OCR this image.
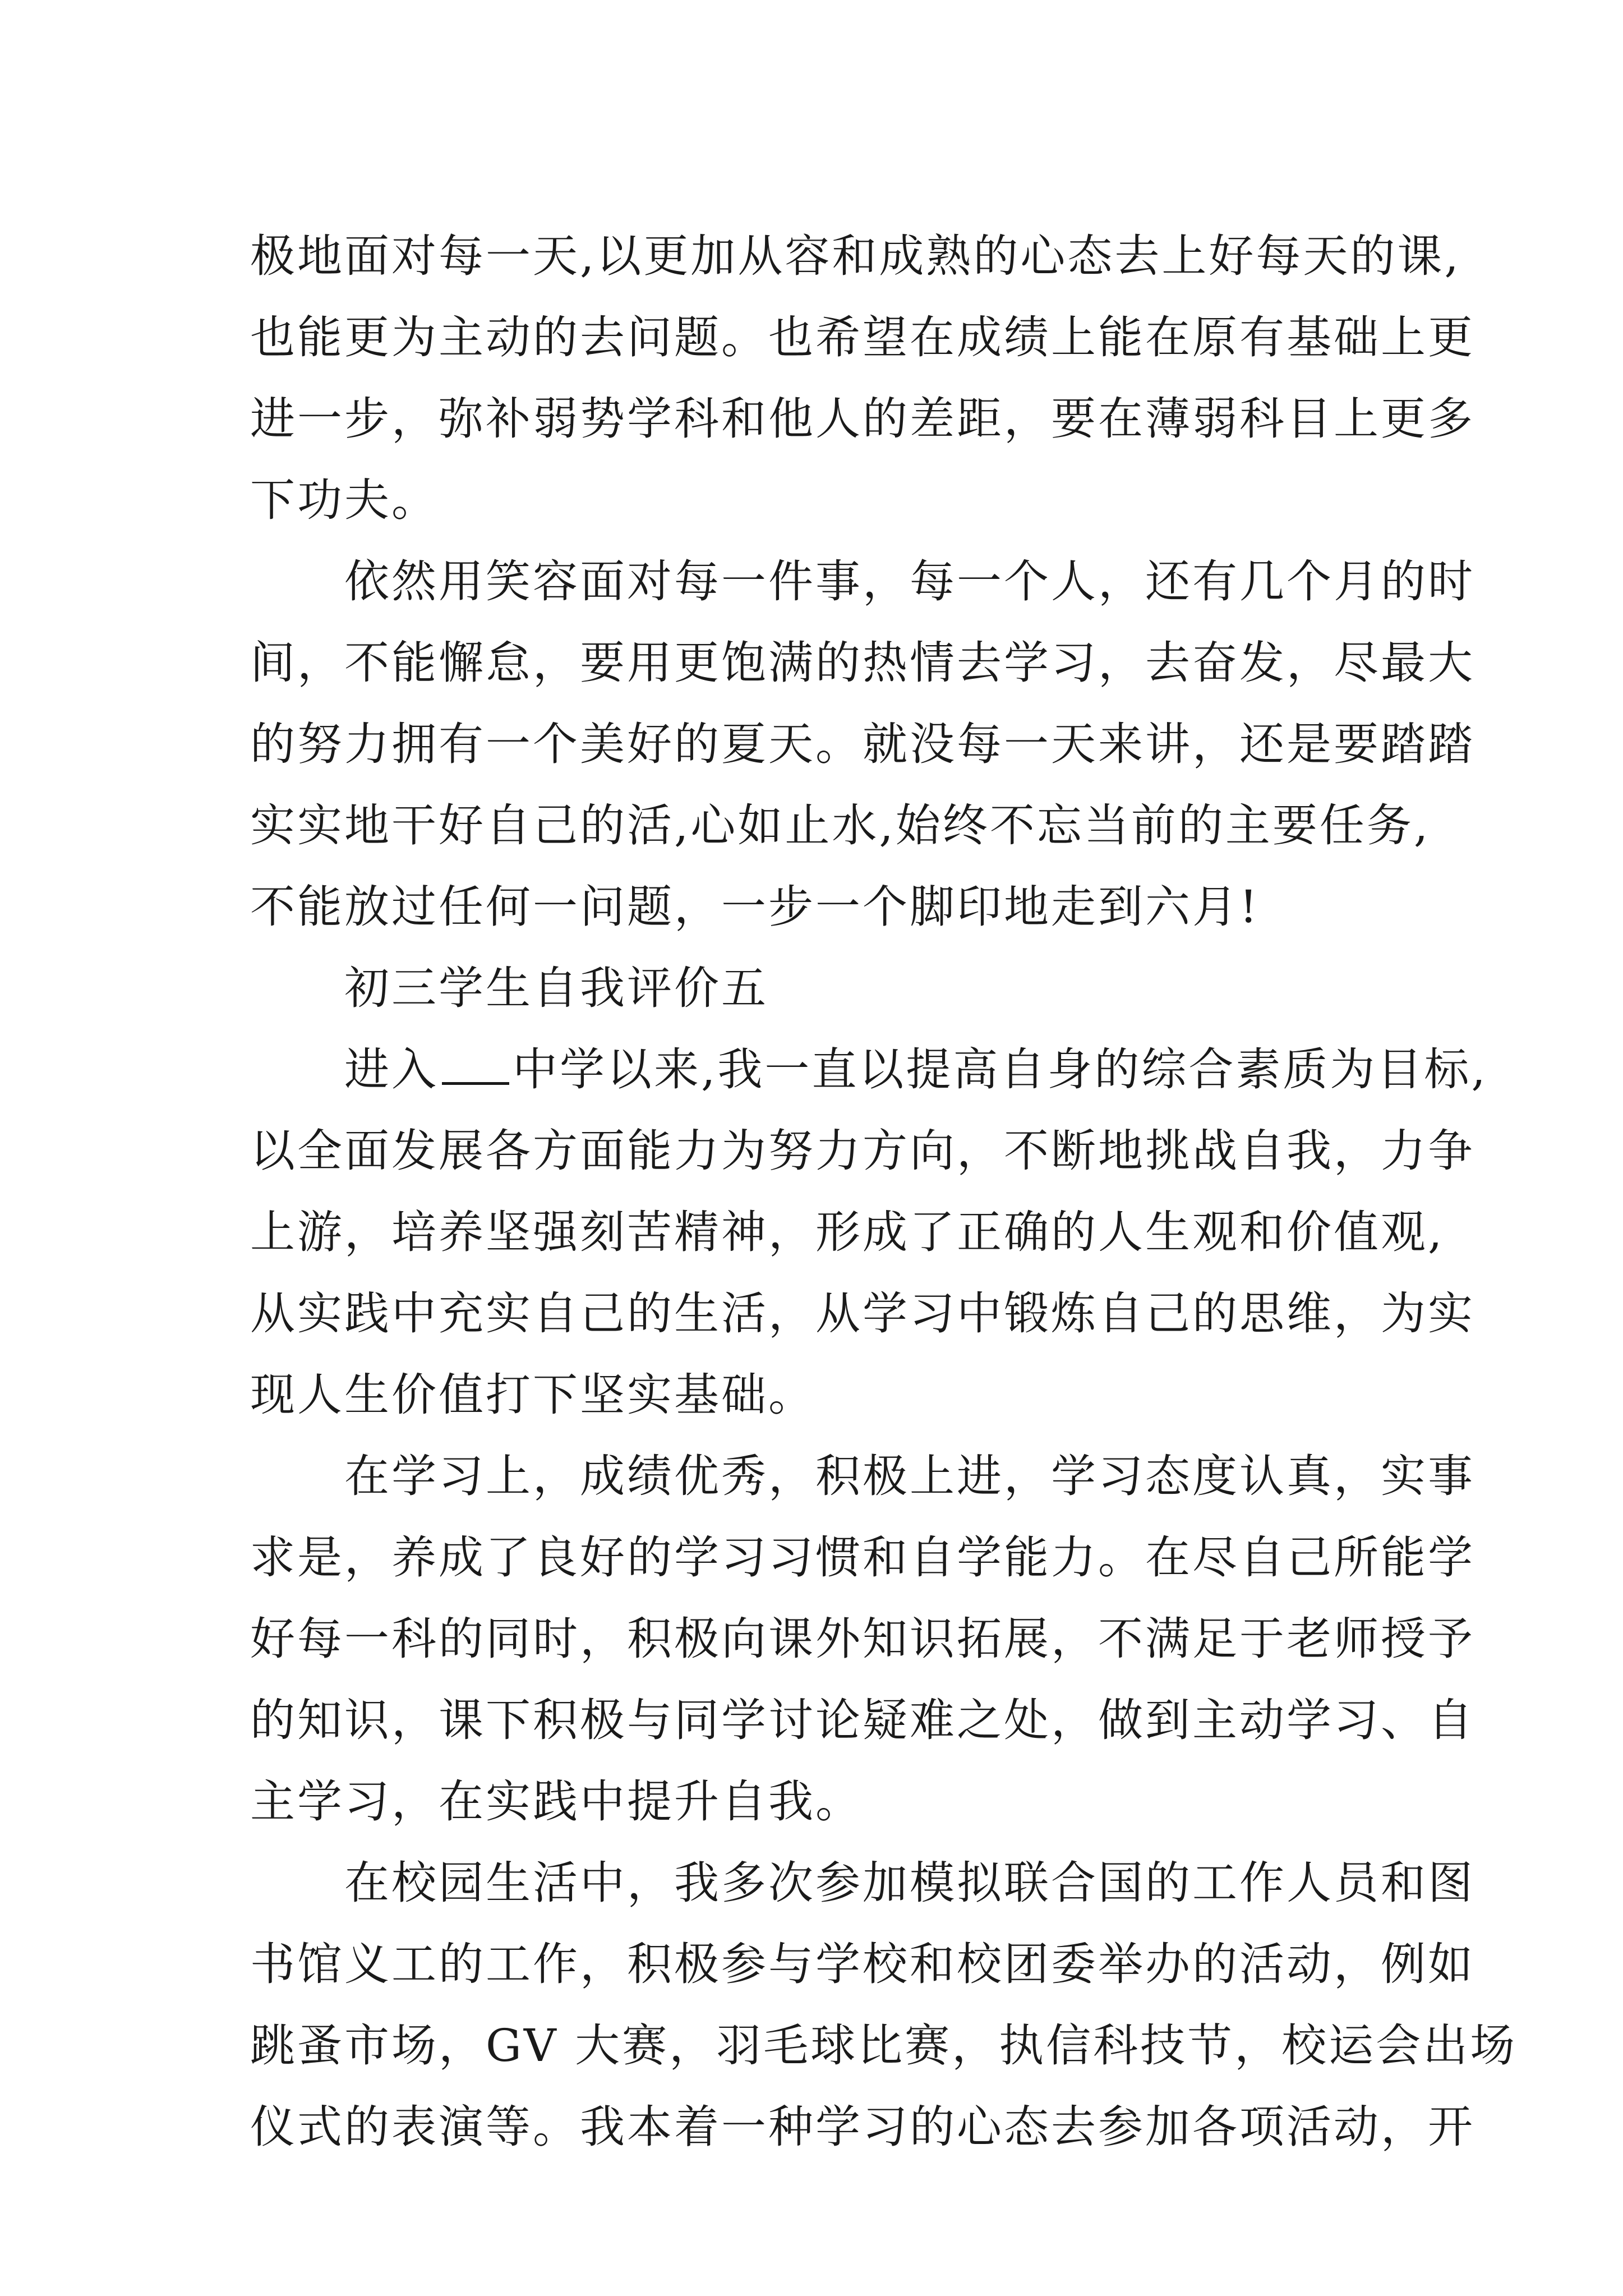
极地面对每一天,以更加从容和成熟的心态去上好每天的课,
也能更为主动的去问题。也希望在成绩上能在原有基础上更
进一步，弥补弱势学科和他人的差距，要在薄弱科目上更多
下功夫。
依然用笑容面对每一件事，每一个人，还有几个月的时
间，不能懈怠，要用更饱满的热情去学习，去奋发，尽最大
的努力拥有一个美好的夏天。就没每一天来讲，还是要踏踏
实实地干好自己的活,心如止水,始终不忘当前的主要任务,
不能放过任何一问题，一步一个脚印地走到六月!
初三学生自我评价五
进入 中学以来,我一直以提高自身的综合素质为目标,
以全面发展各方面能力为努力方向，不断地挑战自我，力争
上游，培养坚强刻苦精神，形成了正确的人生观和价值观,
从实践中充实自己的生活，从学习中锻炼自己的思维，为实
现人生价值打下坚实基础。
在学习上，成绩优秀，积极上进，学习态度认真，实事
求是，养成了良好的学习习惯和自学能力。在尽自己所能学
好每一科的同时，积极向课外知识拓展，不满足于老师授予
的知识，课下积极与同学讨论疑难之处，做到主动学习、自
主学习，在实践中提升自我。
在校园生活中，我多次参加模拟联合国的工作人员和图
书馆义工的工作，积极参与学校和校团委举办的活动，例如
跳蚤市场，GV 大赛，羽毛球比赛，执信科技节，校运会出场
仪式的表演等。我本着一种学习的心态去参加各项活动，开
